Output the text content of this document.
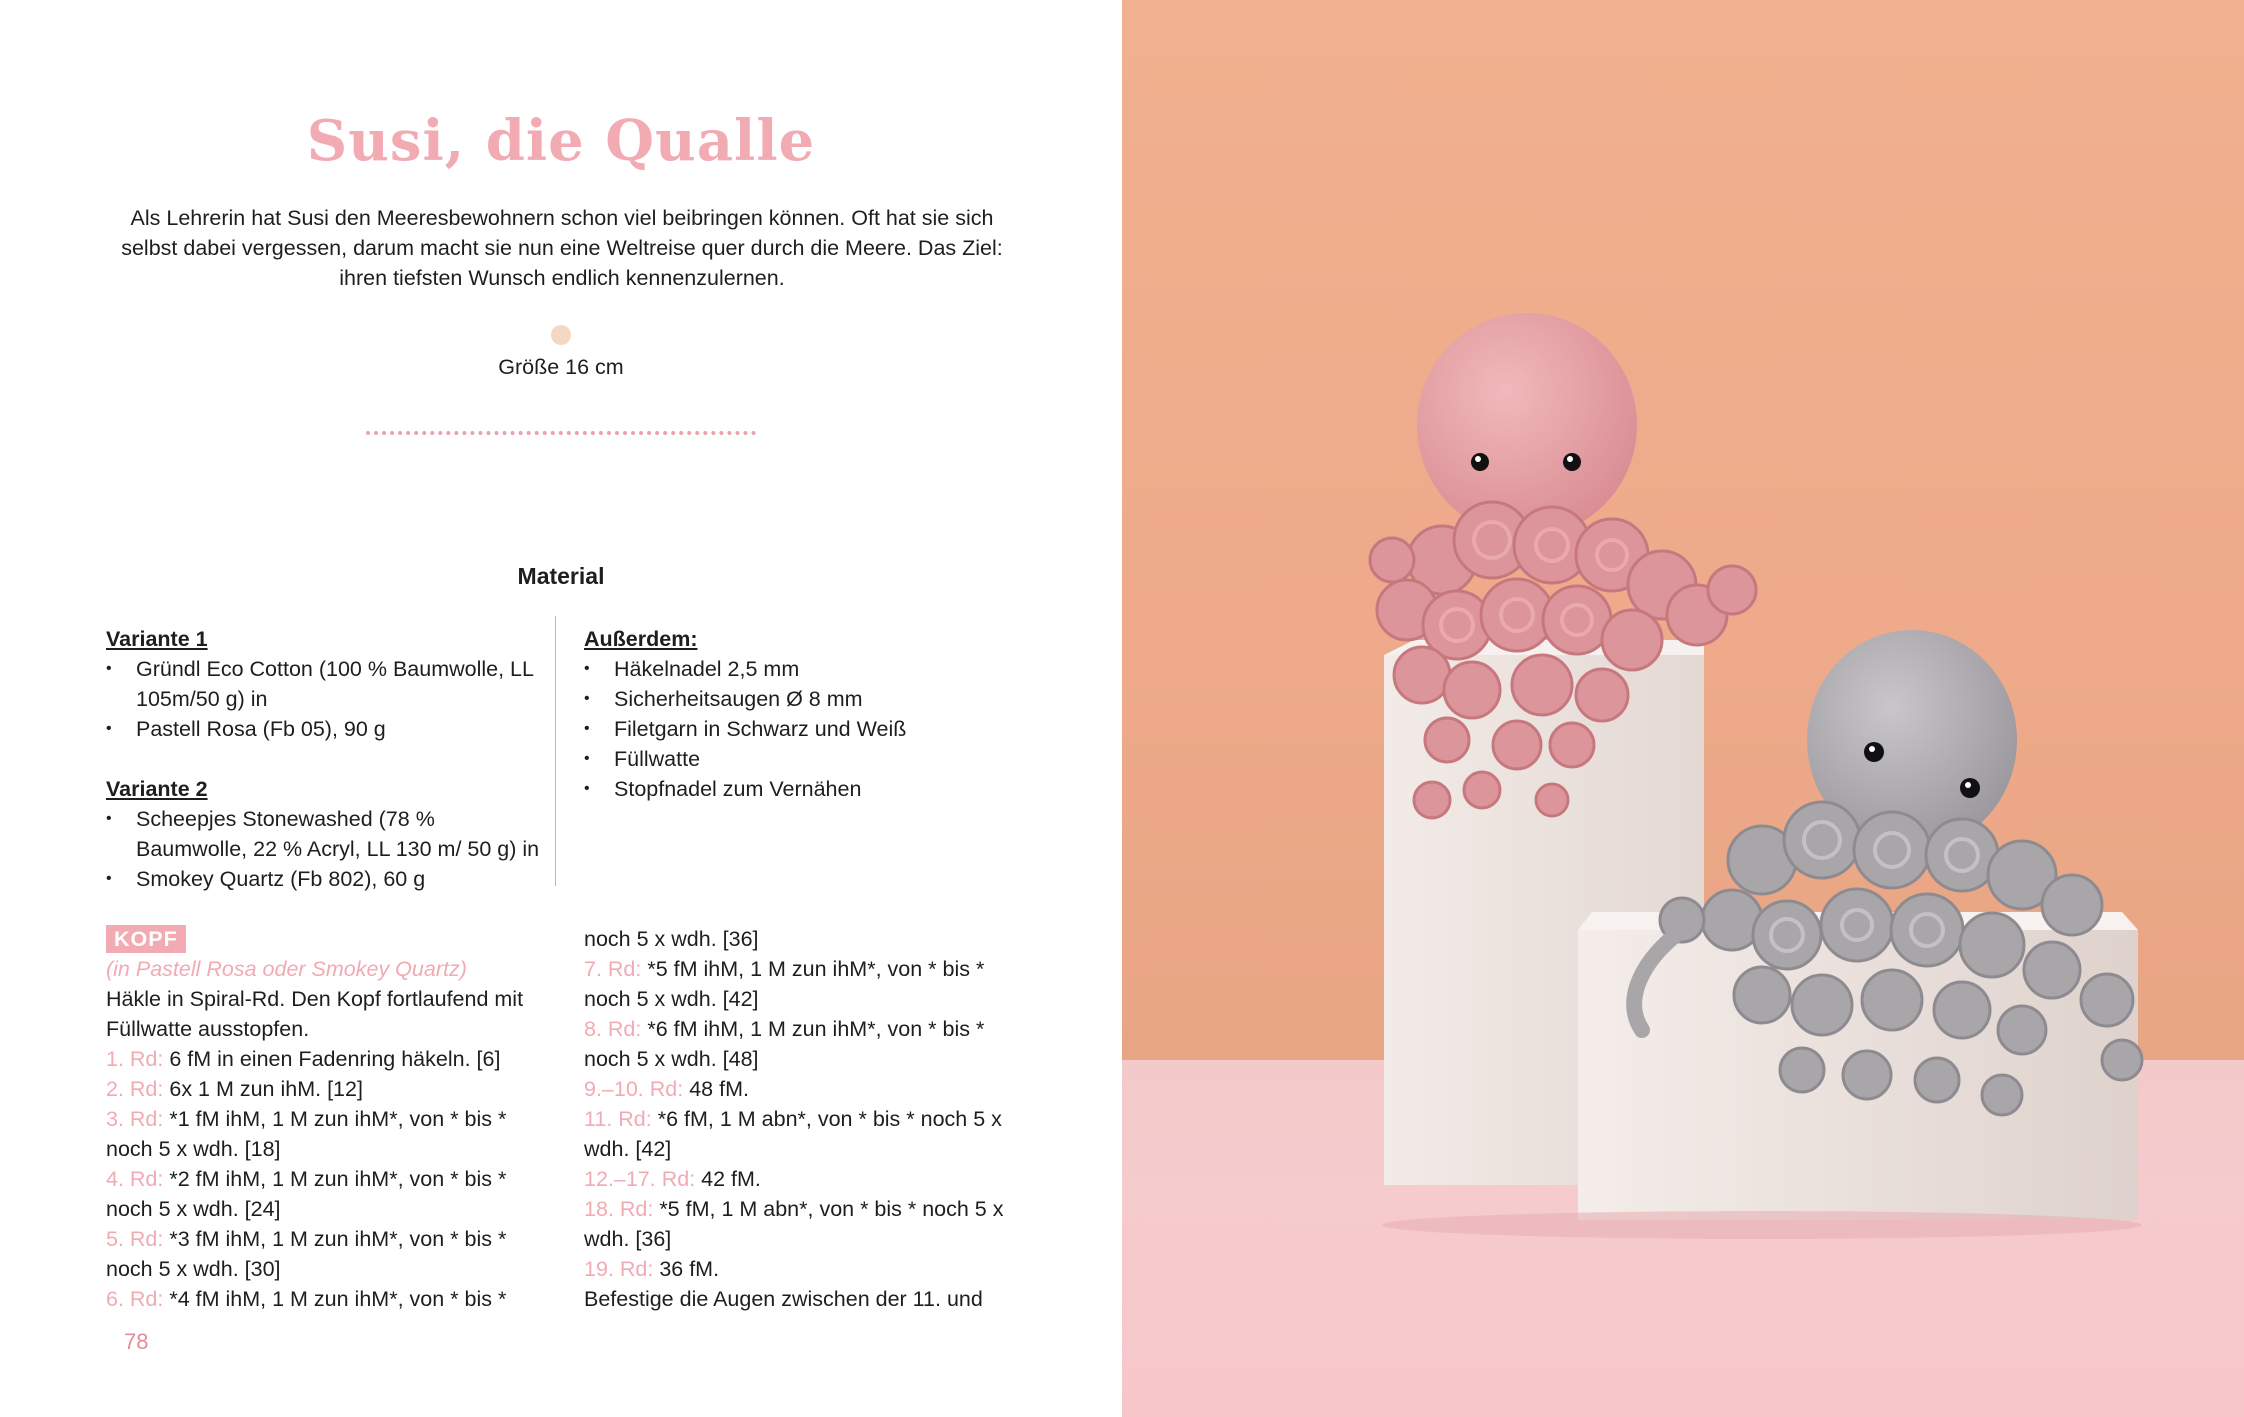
Susi, die Qualle
Als Lehrerin hat Susi den Meeresbewohnern schon viel beibringen können. Oft hat sie sich selbst dabei vergessen, darum macht sie nun eine Weltreise quer durch die Meere. Das Ziel: ihren tiefsten Wunsch endlich kennenzulernen.
Größe 16 cm
Material
Variante 1
• Gründl Eco Cotton (100 % Baumwolle, LL 105m/50 g) in
• Pastell Rosa (Fb 05), 90 g
Variante 2
• Scheepjes Stonewashed (78 % Baumwolle, 22 % Acryl, LL 130 m/ 50 g) in
• Smokey Quartz (Fb 802), 60 g
Außerdem:
• Häkelnadel 2,5 mm
• Sicherheitsaugen Ø 8 mm
• Filetgarn in Schwarz und Weiß
• Füllwatte
• Stopfnadel zum Vernähen
KOPF
(in Pastell Rosa oder Smokey Quartz)
Häkle in Spiral-Rd. Den Kopf fortlaufend mit Füllwatte ausstopfen.
1. Rd: 6 fM in einen Fadenring häkeln. [6]
2. Rd: 6x 1 M zun ihM. [12]
3. Rd: *1 fM ihM, 1 M zun ihM*, von * bis * noch 5 x wdh. [18]
4. Rd: *2 fM ihM, 1 M zun ihM*, von * bis * noch 5 x wdh. [24]
5. Rd: *3 fM ihM, 1 M zun ihM*, von * bis * noch 5 x wdh. [30]
6. Rd: *4 fM ihM, 1 M zun ihM*, von * bis *
noch 5 x wdh. [36]
7. Rd: *5 fM ihM, 1 M zun ihM*, von * bis * noch 5 x wdh. [42]
8. Rd: *6 fM ihM, 1 M zun ihM*, von * bis * noch 5 x wdh. [48]
9.–10. Rd: 48 fM.
11. Rd: *6 fM, 1 M abn*, von * bis * noch 5 x wdh. [42]
12.–17. Rd: 42 fM.
18. Rd: *5 fM, 1 M abn*, von * bis * noch 5 x wdh. [36]
19. Rd: 36 fM.
Befestige die Augen zwischen der 11. und
78
